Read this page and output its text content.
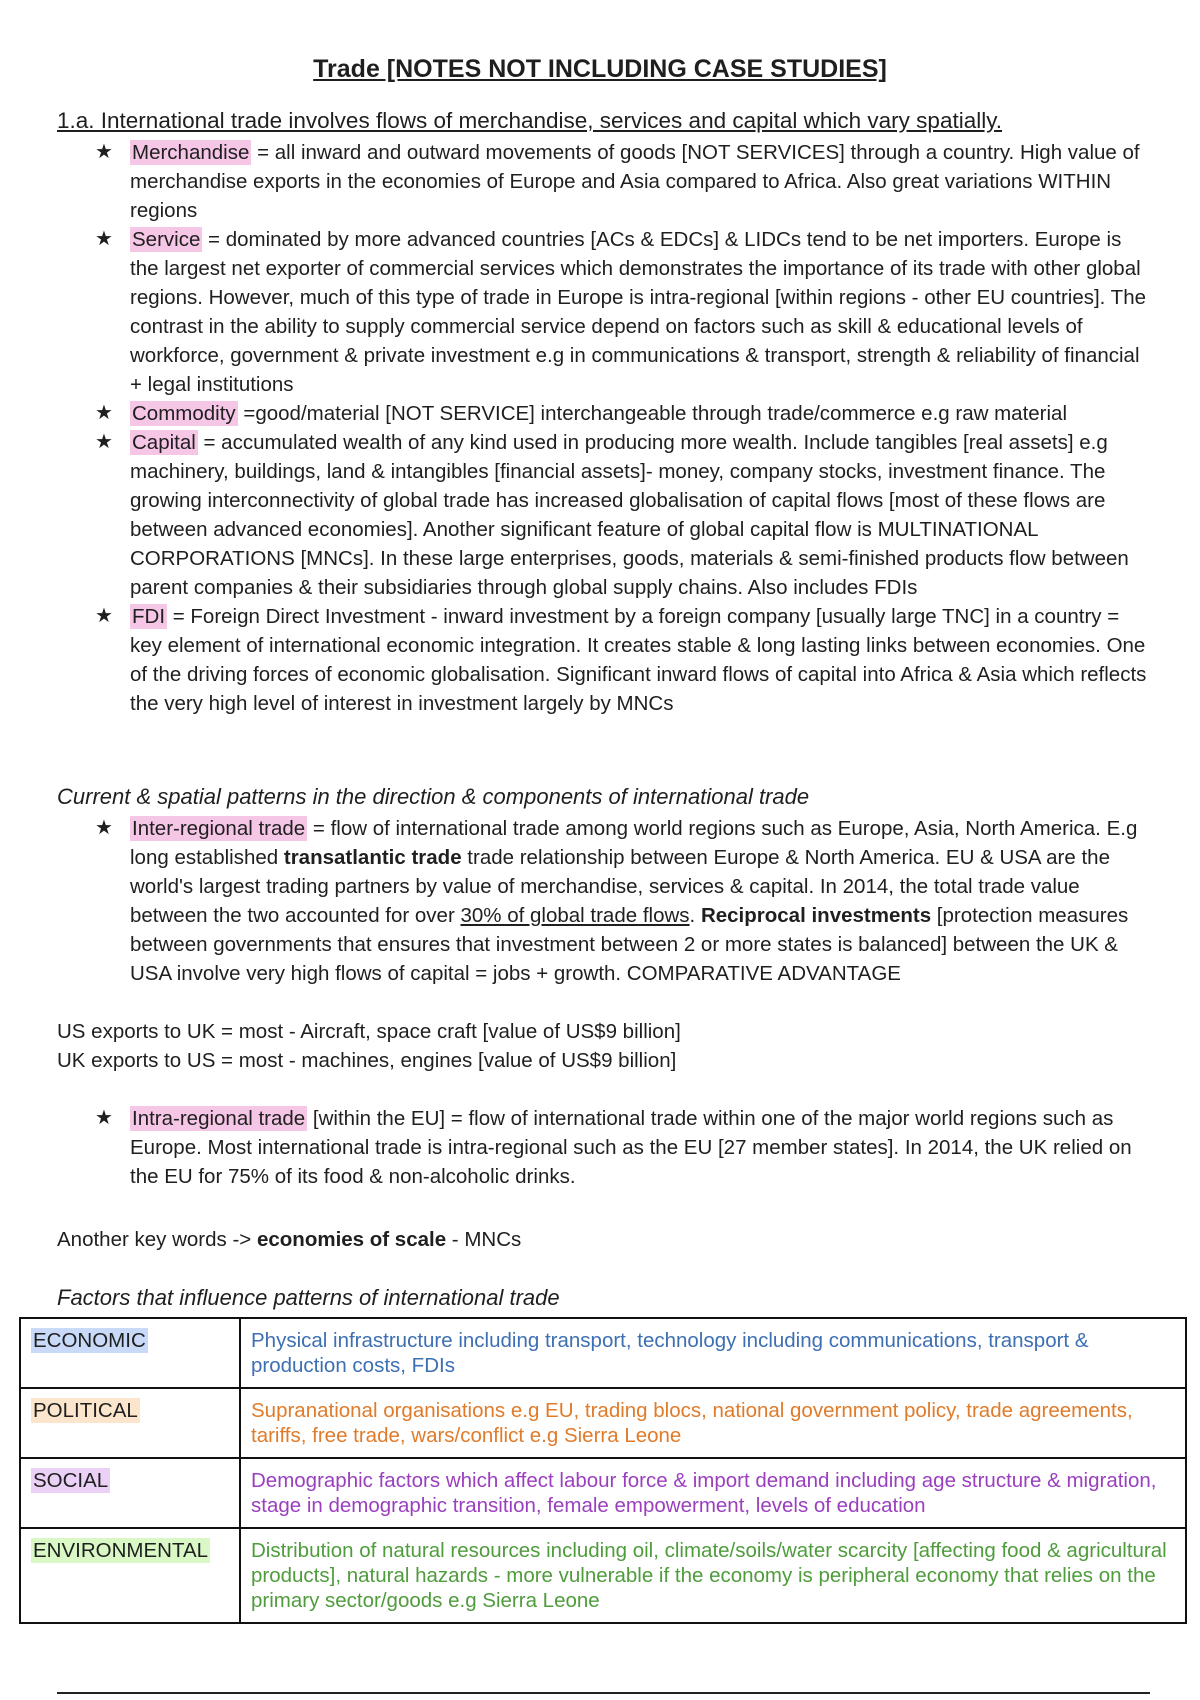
Trade [NOTES NOT INCLUDING CASE STUDIES]
1.a. International trade involves flows of merchandise, services and capital which vary spatially.
★ Merchandise = all inward and outward movements of goods [NOT SERVICES] through a country. High value of merchandise exports in the economies of Europe and Asia compared to Africa. Also great variations WITHIN regions
★ Service = dominated by more advanced countries [ACs & EDCs] & LIDCs tend to be net importers. Europe is the largest net exporter of commercial services which demonstrates the importance of its trade with other global regions. However, much of this type of trade in Europe is intra-regional [within regions - other EU countries]. The contrast in the ability to supply commercial service depend on factors such as skill & educational levels of workforce, government & private investment e.g in communications & transport, strength & reliability of financial + legal institutions
★ Commodity =good/material [NOT SERVICE] interchangeable through trade/commerce e.g raw material
★ Capital = accumulated wealth of any kind used in producing more wealth. Include tangibles [real assets] e.g machinery, buildings, land & intangibles [financial assets]- money, company stocks, investment finance. The growing interconnectivity of global trade has increased globalisation of capital flows [most of these flows are between advanced economies]. Another significant feature of global capital flow is MULTINATIONAL CORPORATIONS [MNCs]. In these large enterprises, goods, materials & semi-finished products flow between parent companies & their subsidiaries through global supply chains. Also includes FDIs
★ FDI = Foreign Direct Investment - inward investment by a foreign company [usually large TNC] in a country = key element of international economic integration. It creates stable & long lasting links between economies. One of the driving forces of economic globalisation. Significant inward flows of capital into Africa & Asia which reflects the very high level of interest in investment largely by MNCs
Current & spatial patterns in the direction & components of international trade
★ Inter-regional trade = flow of international trade among world regions such as Europe, Asia, North America. E.g long established transatlantic trade trade relationship between Europe & North America. EU & USA are the world's largest trading partners by value of merchandise, services & capital. In 2014, the total trade value between the two accounted for over 30% of global trade flows. Reciprocal investments [protection measures between governments that ensures that investment between 2 or more states is balanced] between the UK & USA involve very high flows of capital = jobs + growth. COMPARATIVE ADVANTAGE
US exports to UK = most - Aircraft, space craft [value of US$9 billion]
UK exports to US = most - machines, engines [value of US$9 billion]
★ Intra-regional trade [within the EU] = flow of international trade within one of the major world regions such as Europe. Most international trade is intra-regional such as the EU [27 member states]. In 2014, the UK relied on the EU for 75% of its food & non-alcoholic drinks.
Another key words -> economies of scale - MNCs
Factors that influence patterns of international trade
ECONOMIC	Physical infrastructure including transport, technology including communications, transport & production costs, FDIs
POLITICAL	Supranational organisations e.g EU, trading blocs, national government policy, trade agreements, tariffs, free trade, wars/conflict e.g Sierra Leone
SOCIAL	Demographic factors which affect labour force & import demand including age structure & migration, stage in demographic transition, female empowerment, levels of education
ENVIRONMENTAL	Distribution of natural resources including oil, climate/soils/water scarcity [affecting food & agricultural products], natural hazards - more vulnerable if the economy is peripheral economy that relies on the primary sector/goods e.g Sierra Leone
